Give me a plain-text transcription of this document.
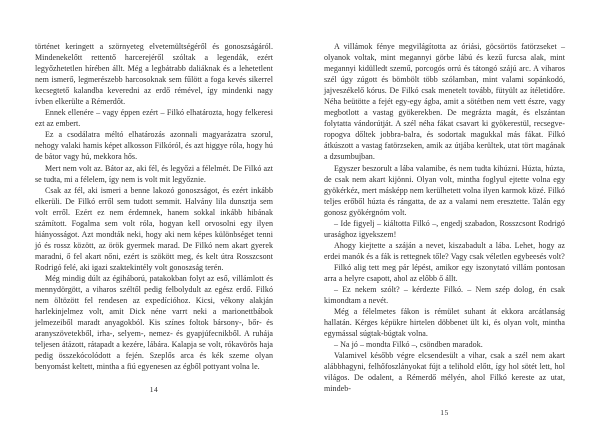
történet keringett a szörnyeteg elvetemültségéről és gonoszságáról. Mindenekelőtt rettentő harcerejéről szóltak a legendák, ezért legyőzhetetlen hírében állt. Még a legbátrabb daliáknak és a lehetetlent nem ismerő, legmerészebb harcosoknak sem fűlött a foga kevés sikerrel kecsegtető kalandba keveredni az erdő rémével, így mindenki nagy ívben elkerülte a Rémerdőt.

Ennek ellenére – vagy éppen ezért – Filkó elhatározta, hogy felkeresi ezt az embert.

Ez a csodálatra méltó elhatározás azonnali magyarázatra szorul, nehogy valaki hamis képet alkosson Filkóról, és azt higgye róla, hogy hú de bátor vagy hú, mekkora hős.

Mert nem volt az. Bátor az, aki fél, és legyőzi a félelmét. De Filkó azt se tudta, mi a félelem, így nem is volt mit legyőznie.

Csak az fél, aki ismeri a benne lakozó gonoszságot, és ezért inkább elkerüli. De Filkó erről sem tudott semmit. Halvány lila dunsztja sem volt erről. Ezért ez nem érdemnek, hanem sokkal inkább hibának számított. Fogalma sem volt róla, hogyan kell orvosolni egy ilyen hiányosságot. Azt mondták neki, hogy aki nem képes különbséget tenni jó és rossz között, az örök gyermek marad. De Filkó nem akart gyerek maradni, ő fel akart nőni, ezért is szökött meg, és kelt útra Rosszcsont Rodrigó felé, aki igazi szaktekintély volt gonoszság terén.

Még mindig dúlt az égiháború, patakokban folyt az eső, villámlott és mennydörgött, a viharos széltől pedig felbolydult az egész erdő. Filkó nem öltözött fel rendesen az expedícióhoz. Kicsi, vékony alakján harlekinjelmez volt, amit Dick néne varrt neki a marionettbábok jelmezeiből maradt anyagokból. Kis színes foltok bársony-, bőr- és aranyszövetekből, irha-, selyem-, nemez- és gyapjúfecnikből. A ruhája teljesen átázott, rátapadt a kezére, lábára. Kalapja se volt, rókavörös haja pedig összekócolódott a fején. Szeplős arca és kék szeme olyan benyomást keltett, mintha a fiú egyenesen az égből pottyant volna le.

14

A villámok fénye megvilágította az óriási, göcsörtös fatörzseket – olyanok voltak, mint megannyi görbe lábú és kezű furcsa alak, mint megannyi kidülledt szemű, porcogós orrú és tátongó szájú arc. A viharos szél úgy zúgott és bömbölt több szólamban, mint valami sopánkodó, jajveszékelő kórus. De Filkó csak menetelt tovább, fütyült az ítéletidőre. Néha beütötte a fejét egy-egy ágba, amit a sötétben nem vett észre, vagy megbotlott a vastag gyökerekben. De megrázta magát, és elszántan folytatta vándorútját. A szél néha fákat csavart ki gyökerestül, recsegve-ropogva dőltek jobbra-balra, és sodortak magukkal más fákat. Filkó átkúszott a vastag fatörzseken, amik az útjába kerültek, utat tört magának a dzsumbujban.

Egyszer beszorult a lába valamibe, és nem tudta kihúzni. Húzta, húzta, de csak nem akart kijönni. Olyan volt, mintha foglyul ejtette volna egy gyökérkéz, mert másképp nem kerülhetett volna ilyen karmok közé. Filkó teljes erőből húzta és rángatta, de az a valami nem eresztette. Talán egy gonosz gyökérgnóm volt.

– Ide figyelj – kiáltotta Filkó –, engedj szabadon, Rosszcsont Rodrigó urasághoz igyekszem!

Ahogy kiejtette a száján a nevet, kiszabadult a lába. Lehet, hogy az erdei manók és a fák is rettegnek tőle? Vagy csak véletlen egybeesés volt?

Filkó alig tett meg pár lépést, amikor egy iszonytató villám pontosan arra a helyre csapott, ahol az előbb ő állt.

– Ez nekem szólt? – kérdezte Filkó. – Nem szép dolog, én csak kimondtam a nevét.

Még a félelmetes fákon is rémület suhant át ekkora arcátlanság hallatán. Kérges képükre hirtelen döbbenet ült ki, és olyan volt, mintha egymással súgtak-búgtak volna.

– Na jó – mondta Filkó –, csöndben maradok.

Valamivel később végre elcsendesült a vihar, csak a szél nem akart alábbhagyni, felhőfoszlányokat fújt a telihold előtt, így hol sötét lett, hol világos. De odalent, a Rémerdő mélyén, ahol Filkó kereste az utat, mindeb-

15
